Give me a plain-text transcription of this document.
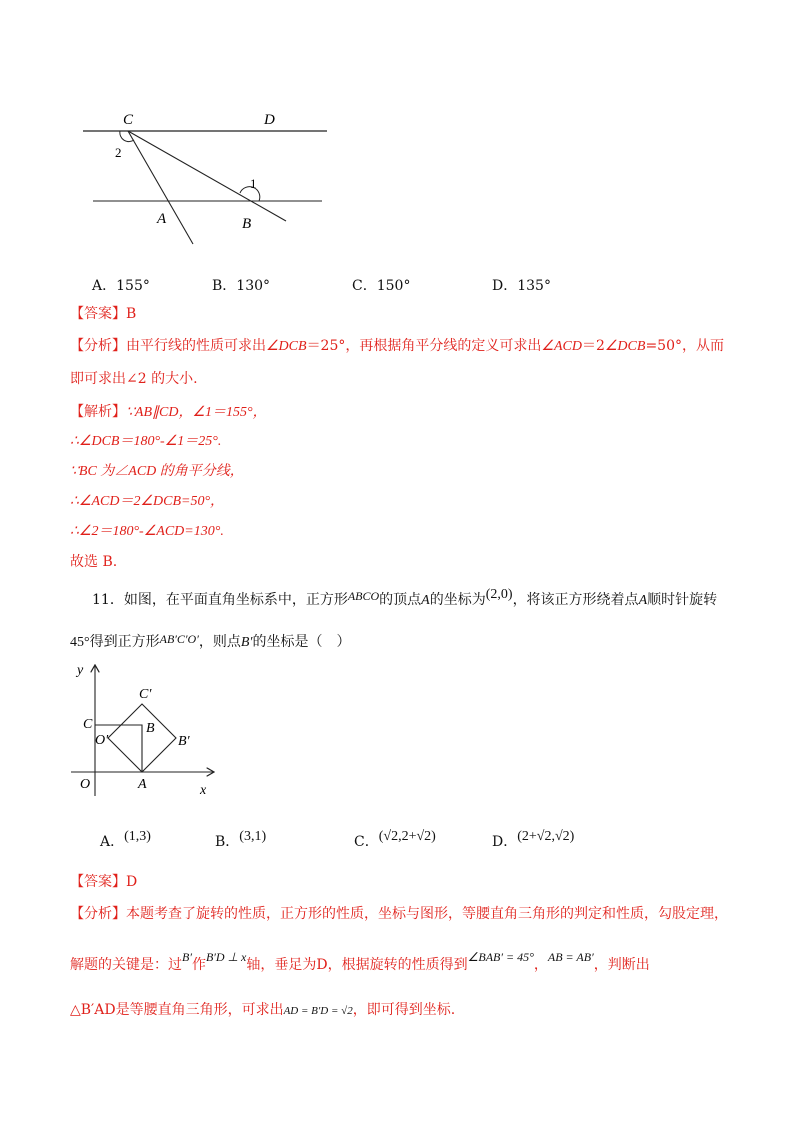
C	D
2
1
A	B
A．155°	B．130°	C．150°	D．135°
【答案】B
【分析】由平行线的性质可求出∠DCB＝25°，再根据角平分线的定义可求出∠ACD＝2∠DCB=50°，从而
即可求出∠2 的大小.
【解析】∵AB∥CD，∠1＝155°，
∴∠DCB＝180°-∠1＝25°.
∵BC 为∠ACD 的角平分线，
∴∠ACD＝2∠DCB=50°，
∴∠2＝180°-∠ACD=130°.
故选 B.
11．如图，在平面直角坐标系中，正方形ABCO的顶点A的坐标为(2,0)，将该正方形绕着点A顺时针旋转
45°得到正方形AB′C′O′，则点B′的坐标是（　）
y
C′
C	B
O′	B′
O	A	x
A．(1,3)	B．(3,1)	C．(√2,2+√2)	D．(2+√2,√2)
【答案】D
【分析】本题考查了旋转的性质，正方形的性质，坐标与图形，等腰直角三角形的判定和性质，勾股定理，
解题的关键是：过B′作B′D ⊥ x轴，垂足为D，根据旋转的性质得到∠BAB′ = 45°，AB = AB′，判断出
△B′AD是等腰直角三角形，可求出AD = B′D = √2，即可得到坐标.
